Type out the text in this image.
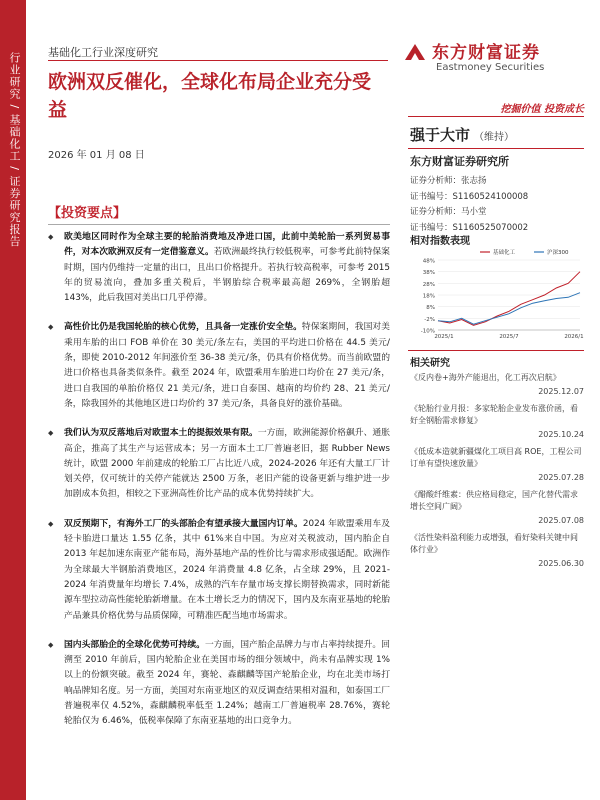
行业研究 / 基础化工 / 证券研究报告 基础化工行业深度研究
欧洲双反催化，全球化布局企业充分受益
2026 年 01 月 08 日
东方财富证券
Eastmoney Securities
挖掘价值 投资成长
强于大市 （维持）
东方财富证券研究所
证券分析师：张志扬
证书编号：S1160524100008
证券分析师：马小堂
证书编号：S1160525070002
相对指数表现
48%
38%
28%
18%
8%
-2%
-10%
2025/1	2025/7	2026/1
基础化工	沪深300
相关研究
《反内卷+海外产能退出，化工再次启航》
2025.12.07
《轮胎行业月报：多家轮胎企业发布涨价函，看好全钢胎需求修复》
2025.10.24
《低成本造就新疆煤化工项目高 ROE，工程公司订单有望快速放量》
2025.07.28
《醋酸纤维素：供应格局稳定，国产化替代需求增长空间广阔》
2025.07.08
《活性染料盈利能力或增强，看好染料关键中间体行业》
2025.06.30
【投资要点】

◆ 欧美地区同时作为全球主要的轮胎消费地及净进口国，此前中美轮胎一系列贸易事件，对本次欧洲双反有一定借鉴意义。若欧洲最终执行较低税率，可参考此前特保案时期，国内仍维持一定量的出口，且出口价格提升。若执行较高税率，可参考 2015 年的贸易流向，叠加多重关税后，半钢胎综合税率最高超 269%，全钢胎超 143%，此后我国对美出口几乎停滞。

◆ 高性价比仍是我国轮胎的核心优势，且具备一定涨价安全垫。特保案期间，我国对美乘用车胎的出口 FOB 单价在 30 美元/条左右，美国的平均进口价格在 44.5 美元/条，即使 2010-2012 年间涨价至 36-38 美元/条，仍具有价格优势。而当前欧盟的进口价格也具备类似条件。截至 2024 年，欧盟乘用车胎进口均价在 27 美元/条，进口自我国的单胎价格仅 21 美元/条，进口自泰国、越南的均价约 28、21 美元/条，除我国外的其他地区进口均价约 37 美元/条，具备良好的涨价基础。

◆ 我们认为双反落地后对欧盟本土的提振效果有限。一方面，欧洲能源价格飙升、通胀高企，推高了其生产与运营成本；另一方面本土工厂普遍老旧，据 Rubber News 统计，欧盟 2000 年前建成的轮胎工厂占比近八成，2024-2026 年还有大量工厂计划关停，仅可统计的关停产能就达 2500 万条，老旧产能的设备更新与维护进一步加剧成本负担，相较之下亚洲高性价比产品的成本优势持续扩大。

◆ 双反预期下，有海外工厂的头部胎企有望承接大量国内订单。2024 年欧盟乘用车及轻卡胎进口量达 1.55 亿条，其中 61%来自中国。为应对关税波动，国内胎企自 2013 年起加速东南亚产能布局，海外基地产品的性价比与需求形成强适配。欧洲作为全球最大半钢胎消费地区，2024 年消费量 4.8 亿条，占全球 29%，且 2021-2024 年消费量年均增长 7.4%，成熟的汽车存量市场支撑长期替换需求，同时新能源车型拉动高性能轮胎新增量。在本土增长乏力的情况下，国内及东南亚基地的轮胎产品兼具价格优势与品质保障，可精准匹配当地市场需求。

◆ 国内头部胎企的全球化优势可持续。一方面，国产胎企品牌力与市占率持续提升。回溯至 2010 年前后，国内轮胎企业在美国市场的细分领域中，尚未有品牌实现 1%以上的份额突破。截至 2024 年，赛轮、森麒麟等国产轮胎企业，均在北美市场打响品牌知名度。另一方面，美国对东南亚地区的双反调查结果相对温和，如泰国工厂普遍税率仅 4.52%，森麒麟税率低至 1.24%；越南工厂普遍税率 28.76%，赛轮轮胎仅为 6.46%，低税率保障了东南亚基地的出口竞争力。
